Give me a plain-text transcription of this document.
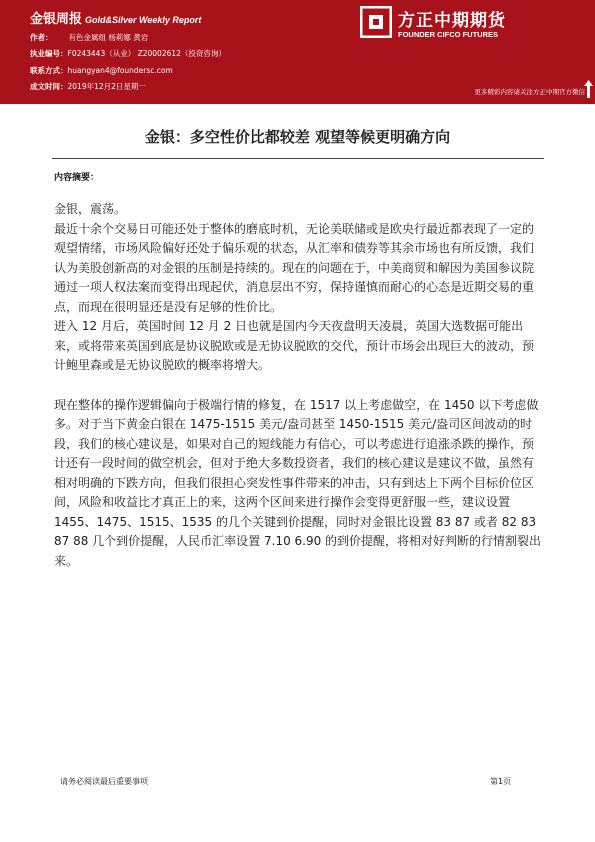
金银周报 Gold&Silver Weekly Report
作者： 有色金属组 杨莉娜 黄岩
执业编号：F0243443（从业） Z20002612（投资咨询）
联系方式：huangyan4@foundersc.com
成文时间：2019年12月2日星期一
方正中期期货
FOUNDER CIFCO FUTURES
更多精彩内容请关注方正中期官方微信
金银：多空性价比都较差 观望等候更明确方向
内容摘要：

金银，震荡。

最近十余个交易日可能还处于整体的磨底时机，无论美联储或是欧央行最近都表现了一定的观望情绪，市场风险偏好还处于偏乐观的状态，从汇率和债券等其余市场也有所反馈，我们认为美股创新高的对金银的压制是持续的。现在的问题在于，中美商贸和解因为美国参议院通过一项人权法案而变得出现起伏，消息层出不穷，保持谨慎而耐心的心态是近期交易的重点，而现在很明显还是没有足够的性价比。

进入 12 月后，英国时间 12 月 2 日也就是国内今天夜盘明天凌晨，英国大选数据可能出来，或将带来英国到底是协议脱欧或是无协议脱欧的交代，预计市场会出现巨大的波动，预计鲍里森或是无协议脱欧的概率将增大。

现在整体的操作逻辑偏向于极端行情的修复，在 1517 以上考虑做空，在 1450 以下考虑做多。对于当下黄金白银在 1475-1515 美元/盎司甚至 1450-1515 美元/盎司区间波动的时段，我们的核心建议是，如果对自己的短线能力有信心，可以考虑进行追涨杀跌的操作，预计还有一段时间的做空机会，但对于绝大多数投资者，我们的核心建议是建议不做，虽然有相对明确的下跌方向，但我们很担心突发性事件带来的冲击，只有到达上下两个目标价位区间，风险和收益比才真正上的来，这两个区间来进行操作会变得更舒服一些，建议设置 1455、1475、1515、1535 的几个关键到价提醒，同时对金银比设置 83 87 或者 82 83 87 88 几个到价提醒，人民币汇率设置 7.10 6.90 的到价提醒，将相对好判断的行情割裂出来。

请务必阅读最后重要事项	第1页
